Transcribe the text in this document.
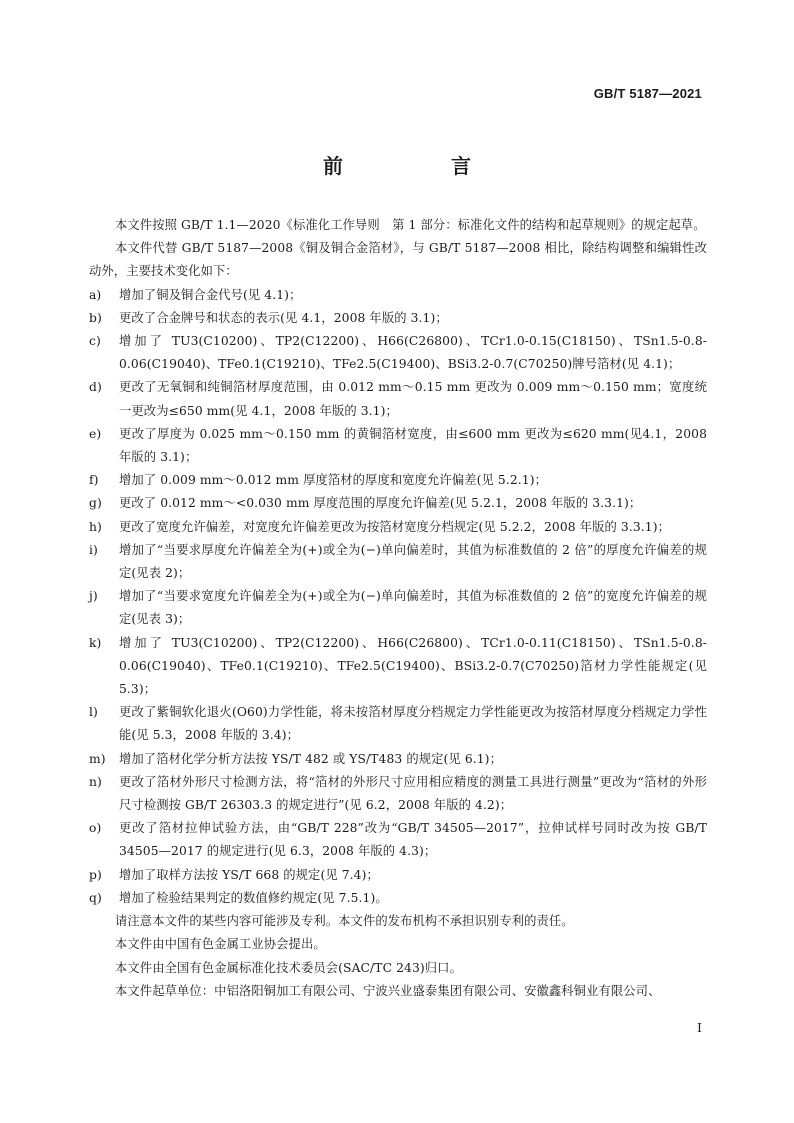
GB/T 5187—2021
前　言

本文件按照 GB/T 1.1—2020《标准化工作导则　第 1 部分：标准化文件的结构和起草规则》的规定起草。

本文件代替 GB/T 5187—2008《铜及铜合金箔材》，与 GB/T 5187—2008 相比，除结构调整和编辑性改动外，主要技术变化如下：

a)	增加了铜及铜合金代号(见 4.1)；
b)	更改了合金牌号和状态的表示(见 4.1，2008 年版的 3.1)；
c)	增加了 TU3(C10200)、TP2(C12200)、H66(C26800)、TCr1.0-0.15(C18150)、TSn1.5-0.8-0.06(C19040)、TFe0.1(C19210)、TFe2.5(C19400)、BSi3.2-0.7(C70250)牌号箔材(见 4.1)；
d)	更改了无氧铜和纯铜箔材厚度范围，由 0.012 mm～0.15 mm 更改为 0.009 mm～0.150 mm；宽度统一更改为≤650 mm(见 4.1，2008 年版的 3.1)；
e)	更改了厚度为 0.025 mm～0.150 mm 的黄铜箔材宽度，由≤600 mm 更改为≤620 mm(见4.1，2008 年版的 3.1)；
f)	增加了 0.009 mm～0.012 mm 厚度箔材的厚度和宽度允许偏差(见 5.2.1)；
g)	更改了 0.012 mm～<0.030 mm 厚度范围的厚度允许偏差(见 5.2.1，2008 年版的 3.3.1)；
h)	更改了宽度允许偏差，对宽度允许偏差更改为按箔材宽度分档规定(见 5.2.2，2008 年版的 3.3.1)；
i)	增加了“当要求厚度允许偏差全为(+)或全为(−)单向偏差时，其值为标准数值的 2 倍”的厚度允许偏差的规定(见表 2)；
j)	增加了“当要求宽度允许偏差全为(+)或全为(−)单向偏差时，其值为标准数值的 2 倍”的宽度允许偏差的规定(见表 3)；
k)	增加了 TU3(C10200)、TP2(C12200)、H66(C26800)、TCr1.0-0.11(C18150)、TSn1.5-0.8-0.06(C19040)、TFe0.1(C19210)、TFe2.5(C19400)、BSi3.2-0.7(C70250)箔材力学性能规定(见 5.3)；
l)	更改了紫铜软化退火(O60)力学性能，将未按箔材厚度分档规定力学性能更改为按箔材厚度分档规定力学性能(见 5.3，2008 年版的 3.4)；
m)	增加了箔材化学分析方法按 YS/T 482 或 YS/T483 的规定(见 6.1)；
n)	更改了箔材外形尺寸检测方法，将“箔材的外形尺寸应用相应精度的测量工具进行测量”更改为“箔材的外形尺寸检测按 GB/T 26303.3 的规定进行”(见 6.2，2008 年版的 4.2)；
o)	更改了箔材拉伸试验方法，由“GB/T 228”改为“GB/T 34505—2017”，拉伸试样号同时改为按 GB/T 34505—2017 的规定进行(见 6.3，2008 年版的 4.3)；
p)	增加了取样方法按 YS/T 668 的规定(见 7.4)；
q)	增加了检验结果判定的数值修约规定(见 7.5.1)。

请注意本文件的某些内容可能涉及专利。本文件的发布机构不承担识别专利的责任。

本文件由中国有色金属工业协会提出。

本文件由全国有色金属标准化技术委员会(SAC/TC 243)归口。

本文件起草单位：中铝洛阳铜加工有限公司、宁波兴业盛泰集团有限公司、安徽鑫科铜业有限公司、

I
